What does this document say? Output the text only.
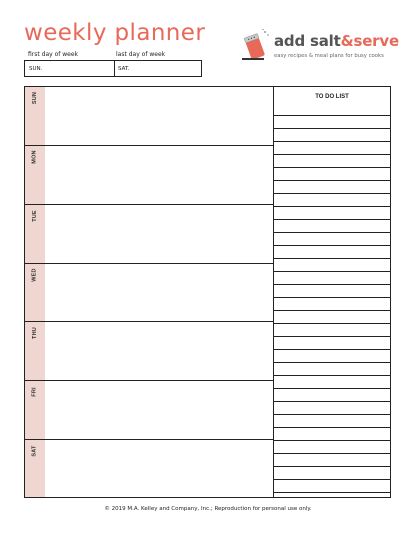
weekly planner
first day of week	last day of week
SUN.	SAT.
add salt&serve
easy recipes & meal plans for busy cooks
SUN
MON
TUE
WED
THU
FRI
SAT
TO DO LIST
© 2019 M.A. Kelley and Company, Inc.; Reproduction for personal use only.
